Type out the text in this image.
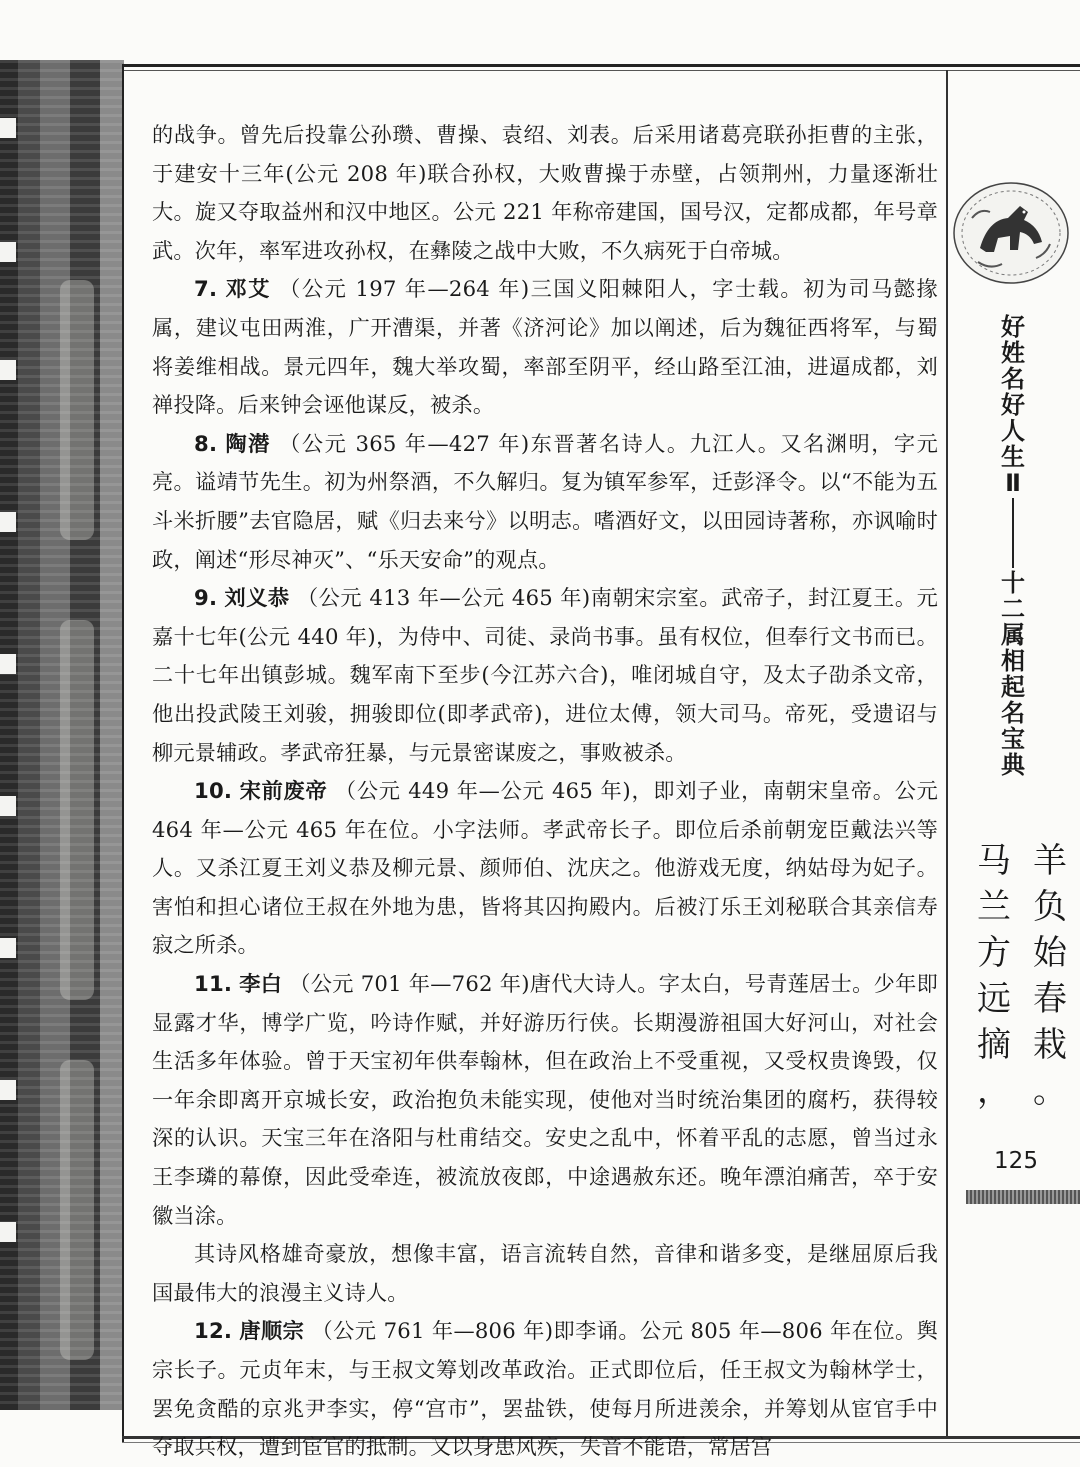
的战争。曾先后投靠公孙瓒、曹操、袁绍、刘表。后采用诸葛亮联孙拒曹的主张，于建安十三年(公元 208 年)联合孙权，大败曹操于赤壁，占领荆州，力量逐渐壮大。旋又夺取益州和汉中地区。公元 221 年称帝建国，国号汉，定都成都，年号章武。次年，率军进攻孙权，在彝陵之战中大败，不久病死于白帝城。

7. 邓艾 （公元 197 年—264 年)三国义阳棘阳人，字士载。初为司马懿掾属，建议屯田两淮，广开漕渠，并著《济河论》加以阐述，后为魏征西将军，与蜀将姜维相战。景元四年，魏大举攻蜀，率部至阴平，经山路至江油，进逼成都，刘禅投降。后来钟会诬他谋反，被杀。

8. 陶潜 （公元 365 年—427 年)东晋著名诗人。九江人。又名渊明，字元亮。谥靖节先生。初为州祭酒，不久解归。复为镇军参军，迁彭泽令。以“不能为五斗米折腰”去官隐居，赋《归去来兮》以明志。嗜酒好文，以田园诗著称，亦讽喻时政，阐述“形尽神灭”、“乐天安命”的观点。

9. 刘义恭 （公元 413 年—公元 465 年)南朝宋宗室。武帝子，封江夏王。元嘉十七年(公元 440 年)，为侍中、司徒、录尚书事。虽有权位，但奉行文书而已。二十七年出镇彭城。魏军南下至步(今江苏六合)，唯闭城自守，及太子劭杀文帝，他出投武陵王刘骏，拥骏即位(即孝武帝)，进位太傅，领大司马。帝死，受遗诏与柳元景辅政。孝武帝狂暴，与元景密谋废之，事败被杀。

10. 宋前废帝 （公元 449 年—公元 465 年)，即刘子业，南朝宋皇帝。公元 464 年—公元 465 年在位。小字法师。孝武帝长子。即位后杀前朝宠臣戴法兴等人。又杀江夏王刘义恭及柳元景、颜师伯、沈庆之。他游戏无度，纳姑母为妃子。害怕和担心诸位王叔在外地为患，皆将其囚拘殿内。后被汀乐王刘秘联合其亲信寿寂之所杀。

11. 李白 （公元 701 年—762 年)唐代大诗人。字太白，号青莲居士。少年即显露才华，博学广览，吟诗作赋，并好游历行侠。长期漫游祖国大好河山，对社会生活多年体验。曾于天宝初年供奉翰林，但在政治上不受重视，又受权贵谗毁，仅一年余即离开京城长安，政治抱负未能实现，使他对当时统治集团的腐朽，获得较深的认识。天宝三年在洛阳与杜甫结交。安史之乱中，怀着平乱的志愿，曾当过永王李璘的幕僚，因此受牵连，被流放夜郎，中途遇赦东还。晚年漂泊痛苦，卒于安徽当涂。

其诗风格雄奇豪放，想像丰富，语言流转自然，音律和谐多变，是继屈原后我国最伟大的浪漫主义诗人。

12. 唐顺宗 （公元 761 年—806 年)即李诵。公元 805 年—806 年在位。舆宗长子。元贞年末，与王叔文筹划改革政治。正式即位后，任王叔文为翰林学士，罢免贪酷的京兆尹李实，停“宫市”，罢盐铁，使每月所进羡余，并筹划从宦官手中夺取兵权，遭到宦官的抵制。又以身患风疾，失音不能语，常居宫

好
姓
名
好
人
生
Ⅱ
十
二
属
相
起
名
宝
典
羊
负
始
春
栽
。
马
兰
方
远
摘
，
125
